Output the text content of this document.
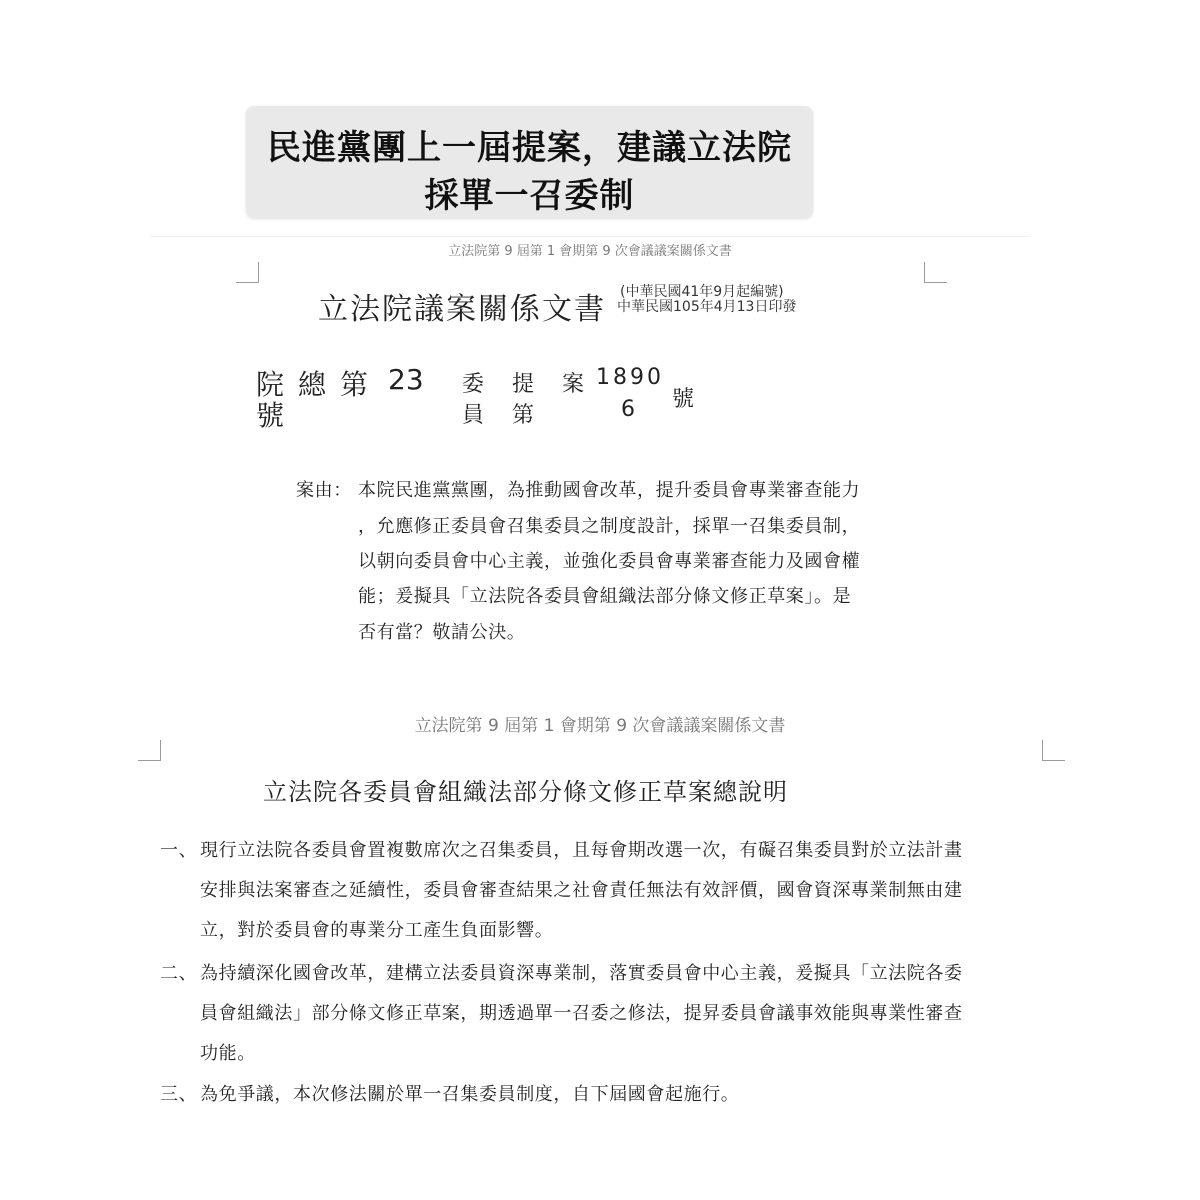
民進黨團上一屆提案，建議立法院
採單一召委制
立法院第 9 屆第 1 會期第 9 次會議議案關係文書
立法院議案關係文書 (中華民國41年9月起編號)
中華民國105年4月13日印發
院 總 第 23
號
委
員
提
第
案 1890
6 號
案由： 本院民進黨黨團，為推動國會改革，提升委員會專業審查能力
，允應修正委員會召集委員之制度設計，採單一召集委員制，
以朝向委員會中心主義，並強化委員會專業審查能力及國會權
能；爰擬具「立法院各委員會組織法部分條文修正草案」。是
否有當？敬請公決。
立法院第 9 屆第 1 會期第 9 次會議議案關係文書
立法院各委員會組織法部分條文修正草案總說明
一、 現行立法院各委員會置複數席次之召集委員，且每會期改選一次，有礙召集委員對於立法計畫
安排與法案審查之延續性，委員會審查結果之社會責任無法有效評價，國會資深專業制無由建
立，對於委員會的專業分工產生負面影響。
二、 為持續深化國會改革，建構立法委員資深專業制，落實委員會中心主義，爰擬具「立法院各委
員會組織法」部分條文修正草案，期透過單一召委之修法，提昇委員會議事效能與專業性審查
功能。
三、 為免爭議，本次修法關於單一召集委員制度，自下屆國會起施行。
